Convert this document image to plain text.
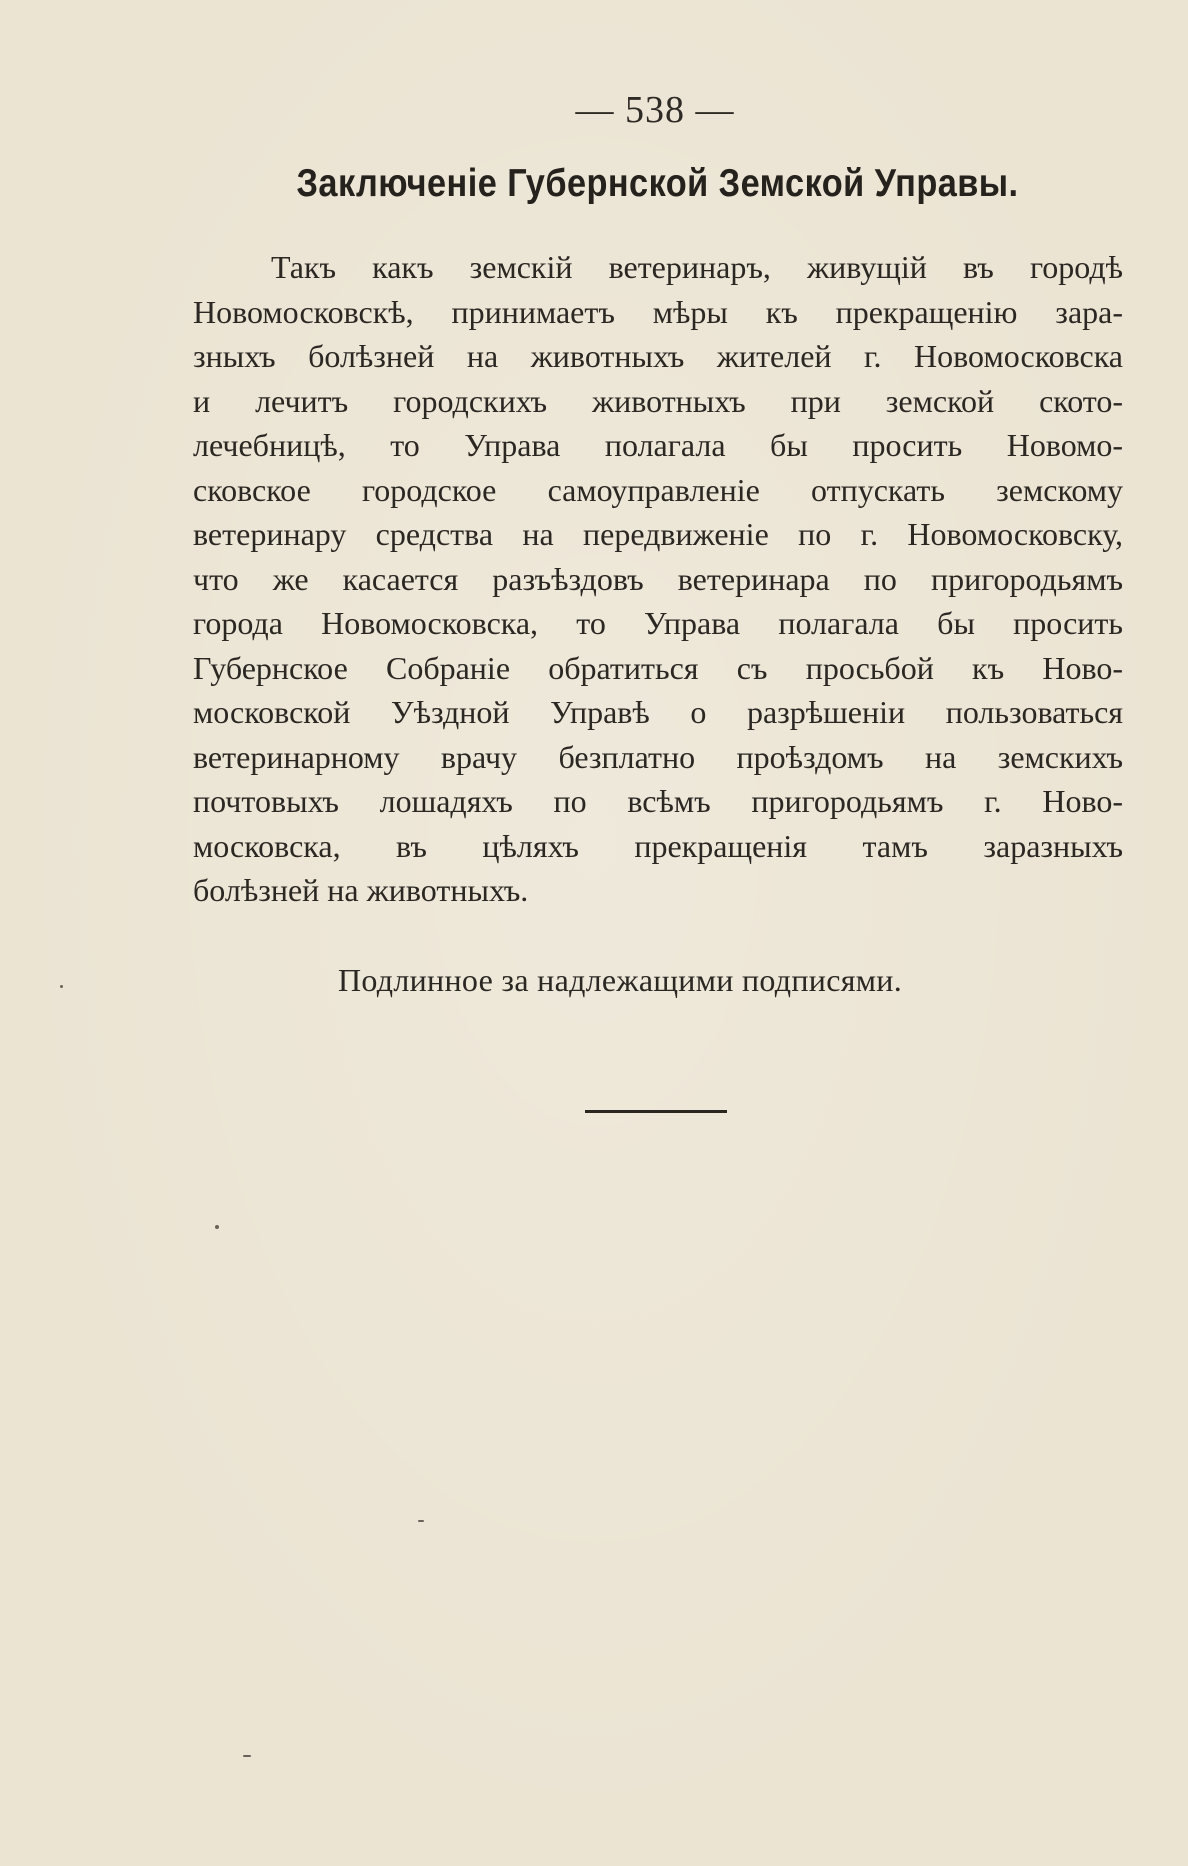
— 538 —
Заключеніе Губернской Земской Управы.
Такъ какъ земскій ветеринаръ, живущій въ городѣ
Новомосковскѣ, принимаетъ мѣры къ прекращенію зара-
зныхъ болѣзней на животныхъ жителей г. Новомосковска
и лечитъ городскихъ животныхъ при земской ското-
лечебницѣ, то Управа полагала бы просить Новомо-
сковское городское самоуправленіе отпускать земскому
ветеринару средства на передвиженіе по г. Новомосковску,
что же касается разъѣздовъ ветеринара по пригородьямъ
города Новомосковска, то Управа полагала бы просить
Губернское Собраніе обратиться съ просьбой къ Ново-
московской Уѣздной Управѣ о разрѣшеніи пользоваться
ветеринарному врачу безплатно проѣздомъ на земскихъ
почтовыхъ лошадяхъ по всѣмъ пригородьямъ г. Ново-
московска, въ цѣляхъ прекращенія тамъ заразныхъ
болѣзней на животныхъ.
Подлинное за надлежащими подписями.
